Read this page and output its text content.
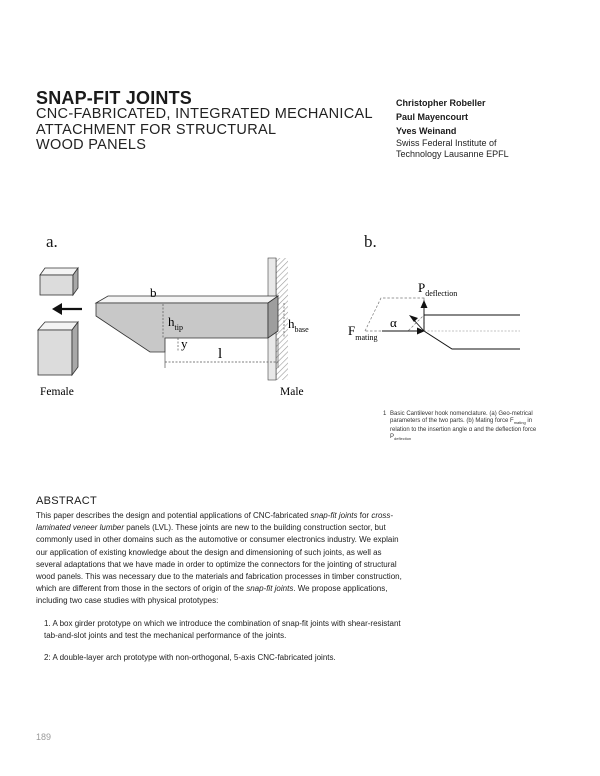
SNAP-FIT JOINTS
CNC-FABRICATED, INTEGRATED MECHANICAL
ATTACHMENT FOR STRUCTURAL
WOOD PANELS
Christopher Robeller
Paul Mayencourt
Yves Weinand
Swiss Federal Institute of
Technology Lausanne EPFL
a.	b.
b
$h_{tip}$
y
l
$h_{base}$
Female	Male
$P_{deflection}$
α
$F_{mating}$
1 Basic Cantilever hook nomenclature. (a) Geo-metrical parameters of the two parts. (b) Mating force $F_{mating}$ in relation to the insertion angle α and the deflection force $P_{deflection}$
ABSTRACT
This paper describes the design and potential applications of CNC-fabricated snap-fit joints for cross-laminated veneer lumber panels (LVL). These joints are new to the building construction sector, but commonly used in other domains such as the automotive or consumer electronics industry. We explain our application of existing knowledge about the design and dimensioning of such joints, as well as several adaptations that we have made in order to optimize the connectors for the jointing of structural wood panels. This was necessary due to the materials and fabrication processes in timber construction, which are different from those in the sectors of origin of the snap-fit joints. We propose applications, including two case studies with physical prototypes:
1. A box girder prototype on which we introduce the combination of snap-fit joints with shear-resistant tab-and-slot joints and test the mechanical performance of the joints.
2: A double-layer arch prototype with non-orthogonal, 5-axis CNC-fabricated joints.
189
